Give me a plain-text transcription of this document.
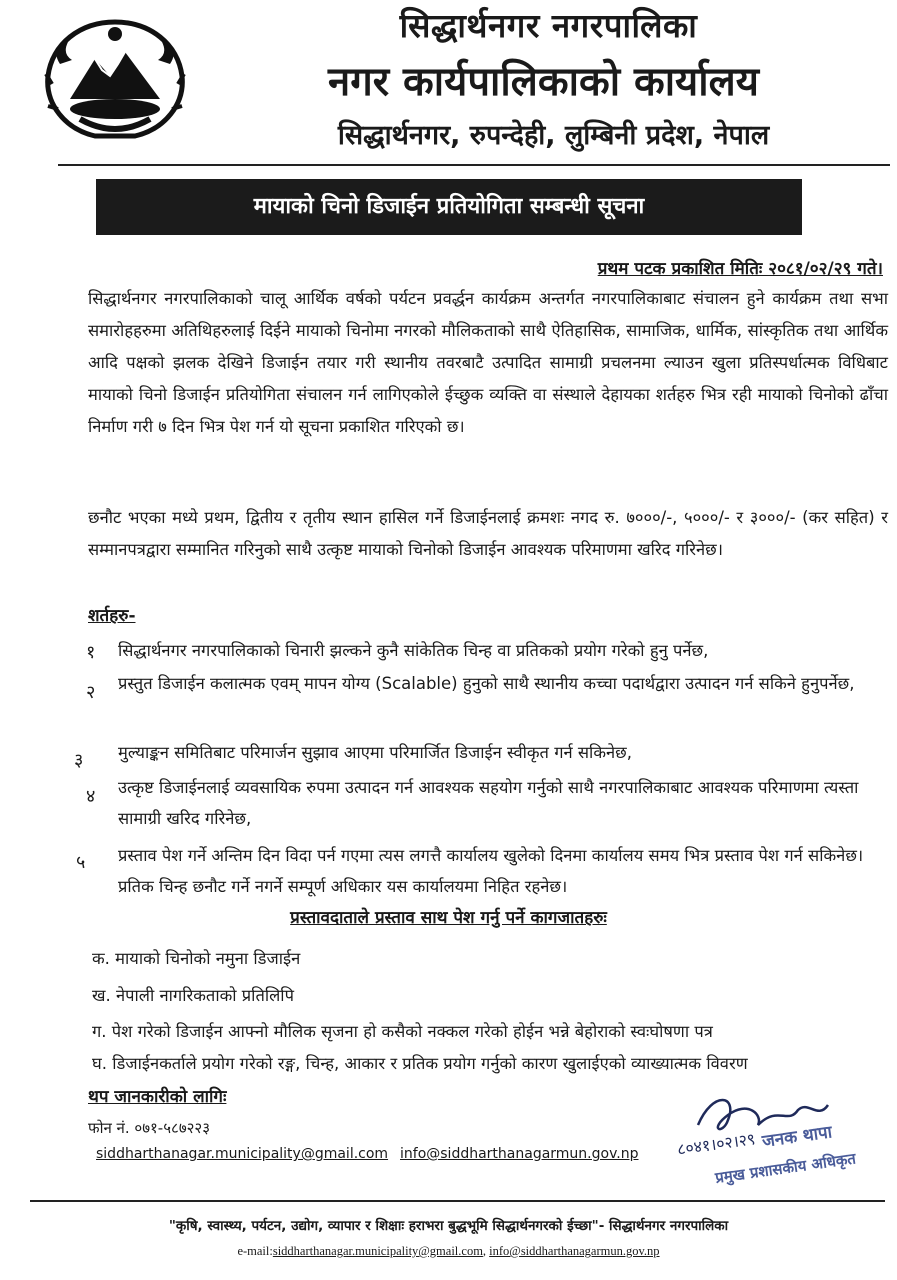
सिद्धार्थनगर नगरपालिका
नगर कार्यपालिकाको कार्यालय
सिद्धार्थनगर, रुपन्देही, लुम्बिनी प्रदेश, नेपाल
मायाको चिनो डिजाईन प्रतियोगिता सम्बन्धी सूचना
प्रथम पटक प्रकाशित मितिः २०८१/०२/२९ गते।
सिद्धार्थनगर नगरपालिकाको चालू आर्थिक वर्षको पर्यटन प्रवर्द्धन कार्यक्रम अन्तर्गत नगरपालिकाबाट संचालन हुने कार्यक्रम तथा सभा समारोहहरुमा अतिथिहरुलाई दिईने मायाको चिनोमा नगरको मौलिकताको साथै ऐतिहासिक, सामाजिक, धार्मिक, सांस्कृतिक तथा आर्थिक आदि पक्षको झलक देखिने डिजाईन तयार गरी स्थानीय तवरबाटै उत्पादित सामाग्री प्रचलनमा ल्याउन खुला प्रतिस्पर्धात्मक विधिबाट मायाको चिनो डिजाईन प्रतियोगिता संचालन गर्न लागिएकोले ईच्छुक व्यक्ति वा संस्थाले देहायका शर्तहरु भित्र रही मायाको चिनोको ढाँचा निर्माण गरी ७ दिन भित्र पेश गर्न यो सूचना प्रकाशित गरिएको छ।
छनौट भएका मध्ये प्रथम, द्वितीय र तृतीय स्थान हासिल गर्ने डिजाईनलाई क्रमशः नगद रु. ७०००/-, ५०००/- र ३०००/- (कर सहित) र सम्मानपत्रद्वारा सम्मानित गरिनुको साथै उत्कृष्ट मायाको चिनोको डिजाईन आवश्यक परिमाणमा खरिद गरिनेछ।
शर्तहरु-
१ सिद्धार्थनगर नगरपालिकाको चिनारी झल्कने कुनै सांकेतिक चिन्ह वा प्रतिकको प्रयोग गरेको हुनु पर्नेछ,
२ प्रस्तुत डिजाईन कलात्मक एवम् मापन योग्य (Scalable) हुनुको साथै स्थानीय कच्चा पदार्थद्वारा उत्पादन गर्न सकिने हुनुपर्नेछ,
३ मुल्याङ्कन समितिबाट परिमार्जन सुझाव आएमा परिमार्जित डिजाईन स्वीकृत गर्न सकिनेछ,
४ उत्कृष्ट डिजाईनलाई व्यवसायिक रुपमा उत्पादन गर्न आवश्यक सहयोग गर्नुको साथै नगरपालिकाबाट आवश्यक परिमाणमा त्यस्ता सामाग्री खरिद गरिनेछ,
५ प्रस्ताव पेश गर्ने अन्तिम दिन विदा पर्न गएमा त्यस लगत्तै कार्यालय खुलेको दिनमा कार्यालय समय भित्र प्रस्ताव पेश गर्न सकिनेछ। प्रतिक चिन्ह छनौट गर्ने नगर्ने सम्पूर्ण अधिकार यस कार्यालयमा निहित रहनेछ।
प्रस्तावदाताले प्रस्ताव साथ पेश गर्नु पर्ने कागजातहरुः
क. मायाको चिनोको नमुना डिजाईन
ख. नेपाली नागरिकताको प्रतिलिपि
ग. पेश गरेको डिजाईन आफ्नो मौलिक सृजना हो कसैको नक्कल गरेको होईन भन्ने बेहोराको स्वःघोषणा पत्र
घ. डिजाईनकर्ताले प्रयोग गरेको रङ्ग, चिन्ह, आकार र प्रतिक प्रयोग गर्नुको कारण खुलाईएको व्याख्यात्मक विवरण
थप जानकारीको लागिः
फोन नं. ०७१-५८७२२३
siddharthanagar.municipality@gmail.com info@siddharthanagarmun.gov.np ८०४१।०२।२९ जनक थापा
प्रमुख प्रशासकीय अधिकृत
"कृषि, स्वास्थ्य, पर्यटन, उद्योग, व्यापार र शिक्षाः हराभरा बुद्धभूमि सिद्धार्थनगरको ईच्छा"- सिद्धार्थनगर नगरपालिका
e-mail:siddharthanagar.municipality@gmail.com, info@siddharthanagarmun.gov.np
